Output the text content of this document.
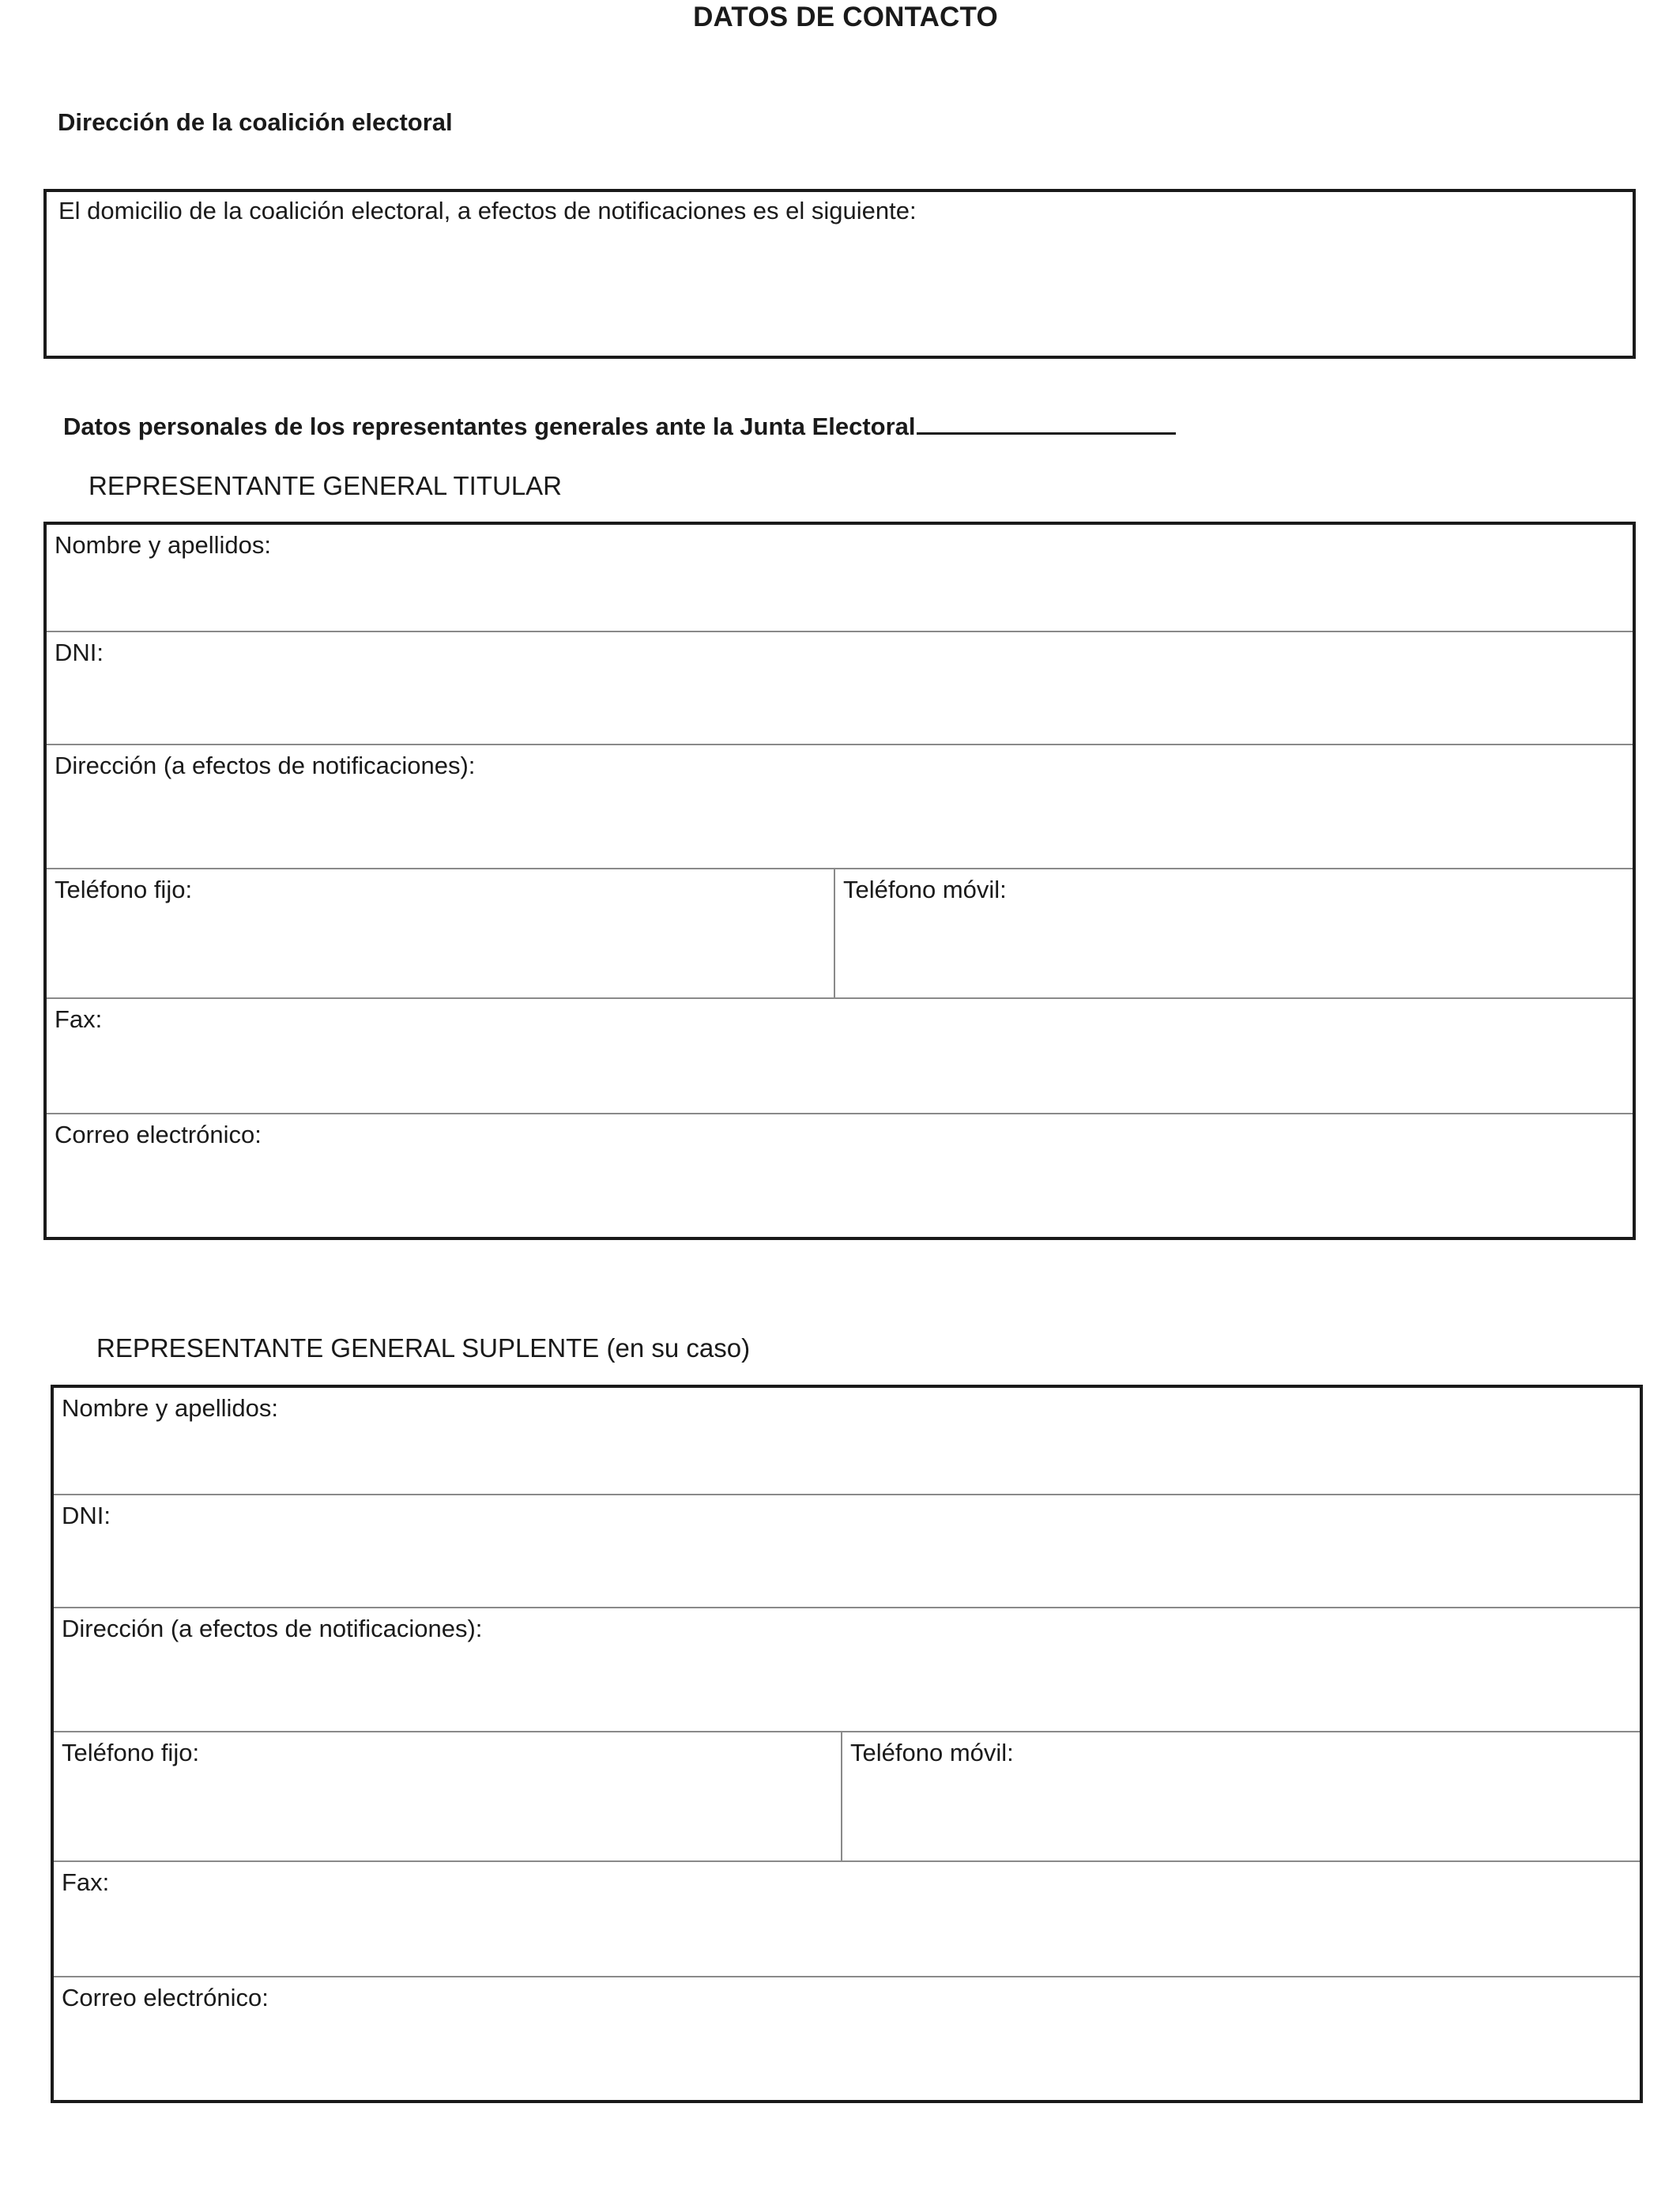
DATOS DE CONTACTO
Dirección de la coalición electoral
El domicilio de la coalición electoral, a efectos de notificaciones es el siguiente:
Datos personales de los representantes generales ante la Junta Electoral
REPRESENTANTE GENERAL TITULAR
Nombre y apellidos:
DNI:
Dirección (a efectos de notificaciones):
Teléfono fijo:	Teléfono móvil:
Fax:
Correo electrónico:
REPRESENTANTE GENERAL SUPLENTE (en su caso)
Nombre y apellidos:
DNI:
Dirección (a efectos de notificaciones):
Teléfono fijo:	Teléfono móvil:
Fax:
Correo electrónico:
